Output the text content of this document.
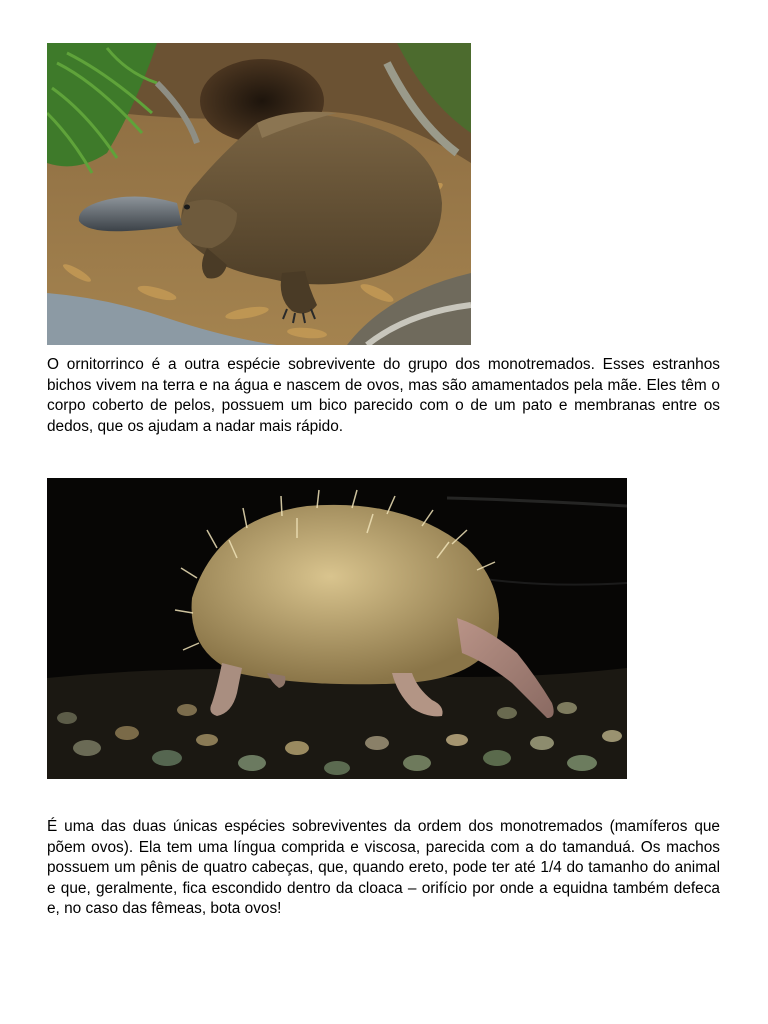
O ornitorrinco é a outra espécie sobrevivente do grupo dos monotremados. Esses estranhos bichos vivem na terra e na água e nascem de ovos, mas são amamentados pela mãe. Eles têm o corpo coberto de pelos, possuem um bico parecido com o de um pato e membranas entre os dedos, que os ajudam a nadar mais rápido.

É uma das duas únicas espécies sobreviventes da ordem dos monotremados (mamíferos que põem ovos). Ela tem uma língua comprida e viscosa, parecida com a do tamanduá. Os machos possuem um pênis de quatro cabeças, que, quando ereto, pode ter até 1/4 do tamanho do animal e que, geralmente, fica escondido dentro da cloaca – orifício por onde a equidna também defeca e, no caso das fêmeas, bota ovos!
